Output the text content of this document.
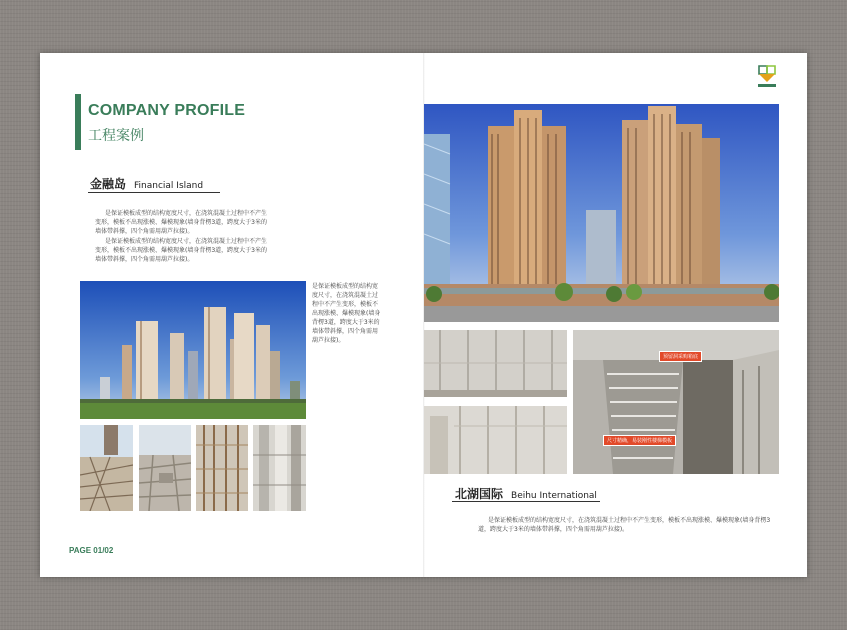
COMPANY PROFILE
工程案例
金融岛 Financial Island
是保证模板成型的结构宽度尺寸，在浇筑混凝土过程中不产生变形，模板不出现涨模、爆模现象(墙身背楞3道，跨度大于3米的墙体带斜撑，四个角需用葫芦拉接)。
是保证模板成型的结构宽度尺寸，在浇筑混凝土过程中不产生变形，模板不出现涨模、爆模现象(墙身背楞3道，跨度大于3米的墙体带斜撑，四个角需用葫芦拉接)。
是保证模板成型的结构宽度尺寸，在浇筑混凝土过程中不产生变形，模板不出现涨模、爆模现象(墙身背楞3道，跨度大于3米的墙体带斜撑，四个角需用葫芦拉接)。
PAGE 01/02
预留洞采购箱底
尺寸精确，易装刚性楼梯模板
北湖国际 Beihu International
是保证模板成型的结构宽度尺寸，在浇筑混凝土过程中不产生变形，模板不出现涨模、爆模现象(墙身背楞3道，跨度大于3米的墙体带斜撑，四个角需用葫芦拉接)。
